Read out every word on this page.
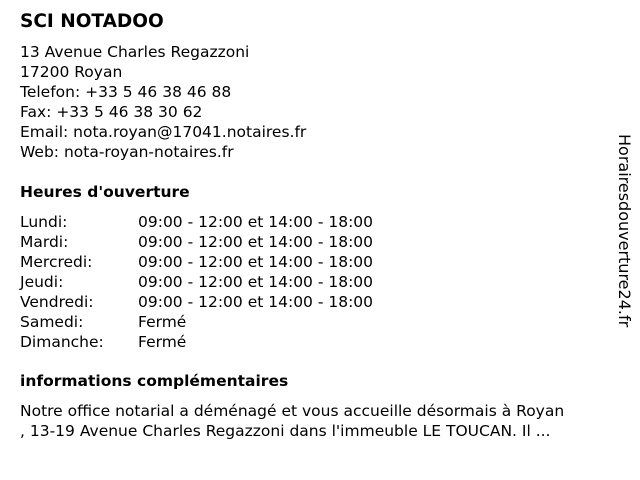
SCI NOTADOO
13 Avenue Charles Regazzoni
17200 Royan
Telefon: +33 5 46 38 46 88
Fax: +33 5 46 38 30 62
Email: nota.royan@17041.notaires.fr
Web: nota-royan-notaires.fr
Heures d'ouverture
Lundi:	09:00 - 12:00 et 14:00 - 18:00
Mardi:	09:00 - 12:00 et 14:00 - 18:00
Mercredi:	09:00 - 12:00 et 14:00 - 18:00
Jeudi:	09:00 - 12:00 et 14:00 - 18:00
Vendredi:	09:00 - 12:00 et 14:00 - 18:00
Samedi:	Fermé
Dimanche:	Fermé
informations complémentaires
Notre office notarial a déménagé et vous accueille désormais à Royan
, 13-19 Avenue Charles Regazzoni dans l'immeuble LE TOUCAN. Il ...
Horairesdouverture24.fr
